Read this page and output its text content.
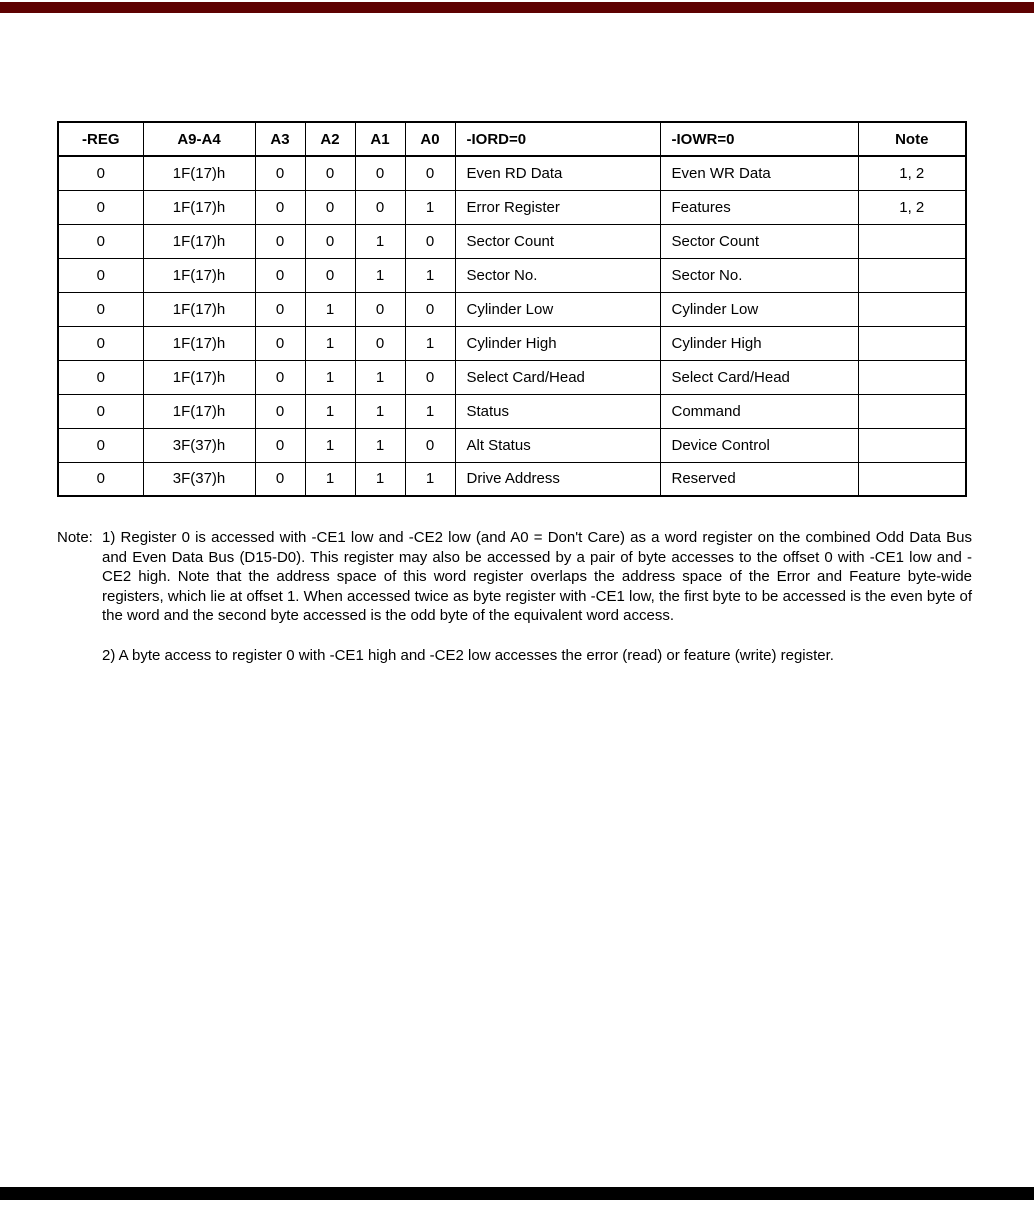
-REG	A9-A4	A3	A2	A1	A0	-IORD=0	-IOWR=0	Note
0	1F(17)h	0	0	0	0	Even RD Data	Even WR Data	1, 2
0	1F(17)h	0	0	0	1	Error Register	Features	1, 2
0	1F(17)h	0	0	1	0	Sector Count	Sector Count	
0	1F(17)h	0	0	1	1	Sector No.	Sector No.	
0	1F(17)h	0	1	0	0	Cylinder Low	Cylinder Low	
0	1F(17)h	0	1	0	1	Cylinder High	Cylinder High	
0	1F(17)h	0	1	1	0	Select Card/Head	Select Card/Head	
0	1F(17)h	0	1	1	1	Status	Command	
0	3F(37)h	0	1	1	0	Alt Status	Device Control	
0	3F(37)h	0	1	1	1	Drive Address	Reserved	
Note: 1) Register 0 is accessed with -CE1 low and -CE2 low (and A0 = Don't Care) as a word register on the combined Odd Data Bus and Even Data Bus (D15-D0). This register may also be accessed by a pair of byte accesses to the offset 0 with -CE1 low and -CE2 high. Note that the address space of this word register overlaps the address space of the Error and Feature byte-wide registers, which lie at offset 1. When accessed twice as byte register with -CE1 low, the first byte to be accessed is the even byte of the word and the second byte accessed is the odd byte of the equivalent word access.

2) A byte access to register 0 with -CE1 high and -CE2 low accesses the error (read) or feature (write) register.
